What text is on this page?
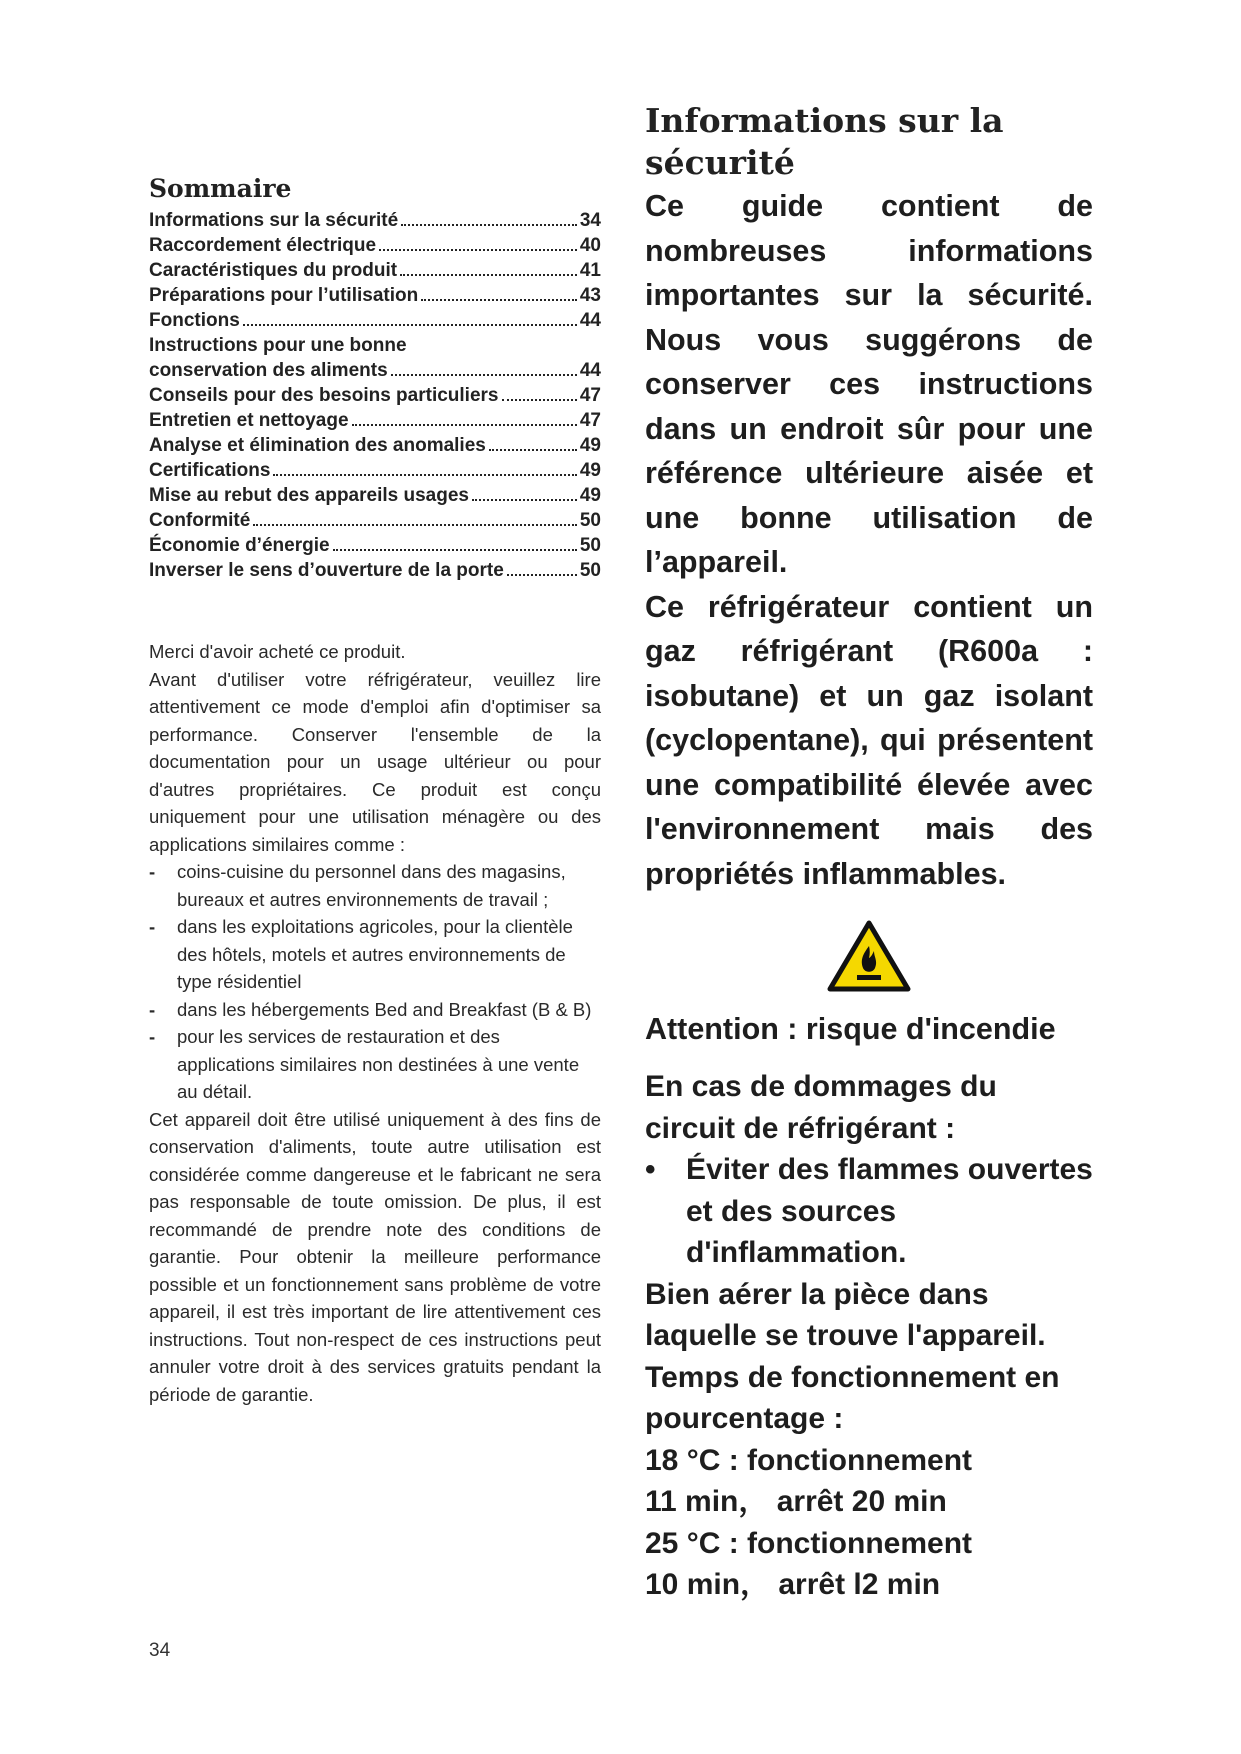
Sommaire
Informations sur la sécurité	34
Raccordement électrique	40
Caractéristiques du produit	41
Préparations pour l’utilisation	43
Fonctions	44
Instructions pour une bonne
conservation des aliments	44
Conseils pour des besoins particuliers	47
Entretien et nettoyage	47
Analyse et élimination des anomalies	49
Certifications	49
Mise au rebut des appareils usages	49
Conformité	50
Économie d’énergie	50
Inverser le sens d’ouverture de la porte	50

Merci d'avoir acheté ce produit.

Avant d'utiliser votre réfrigérateur, veuillez lire attentivement ce mode d'emploi afin d'optimiser sa performance. Conserver l'ensemble de la documentation pour un usage ultérieur ou pour d'autres propriétaires. Ce produit est conçu uniquement pour une utilisation ménagère ou des applications similaires comme :

- coins-cuisine du personnel dans des magasins, bureaux et autres environnements de travail ;
- dans les exploitations agricoles, pour la clientèle des hôtels, motels et autres environnements de type résidentiel
- dans les hébergements Bed and Breakfast (B & B)
- pour les services de restauration et des applications similaires non destinées à une vente au détail.

Cet appareil doit être utilisé uniquement à des fins de conservation d'aliments, toute autre utilisation est considérée comme dangereuse et le fabricant ne sera pas responsable de toute omission. De plus, il est recommandé de prendre note des conditions de garantie. Pour obtenir la meilleure performance possible et un fonctionnement sans problème de votre appareil, il est très important de lire attentivement ces instructions. Tout non-respect de ces instructions peut annuler votre droit à des services gratuits pendant la période de garantie.

34
Informations sur la
sécurité

Ce guide contient de nombreuses informations importantes sur la sécurité. Nous vous suggérons de conserver ces instructions dans un endroit sûr pour une référence ultérieure aisée et une bonne utilisation de l’appareil.

Ce réfrigérateur contient un gaz réfrigérant (R600a : isobutane) et un gaz isolant (cyclopentane), qui présentent une compatibilité élevée avec l'environnement mais des propriétés inflammables.

Attention : risque d'incendie

En cas de dommages du circuit de réfrigérant :

• Éviter des flammes ouvertes et des sources d'inflammation.

Bien aérer la pièce dans laquelle se trouve l'appareil.

Temps de fonctionnement en pourcentage :

18 °C : fonctionnement

11 min， arrêt 20 min

25 °C : fonctionnement

10 min， arrêt l2 min
